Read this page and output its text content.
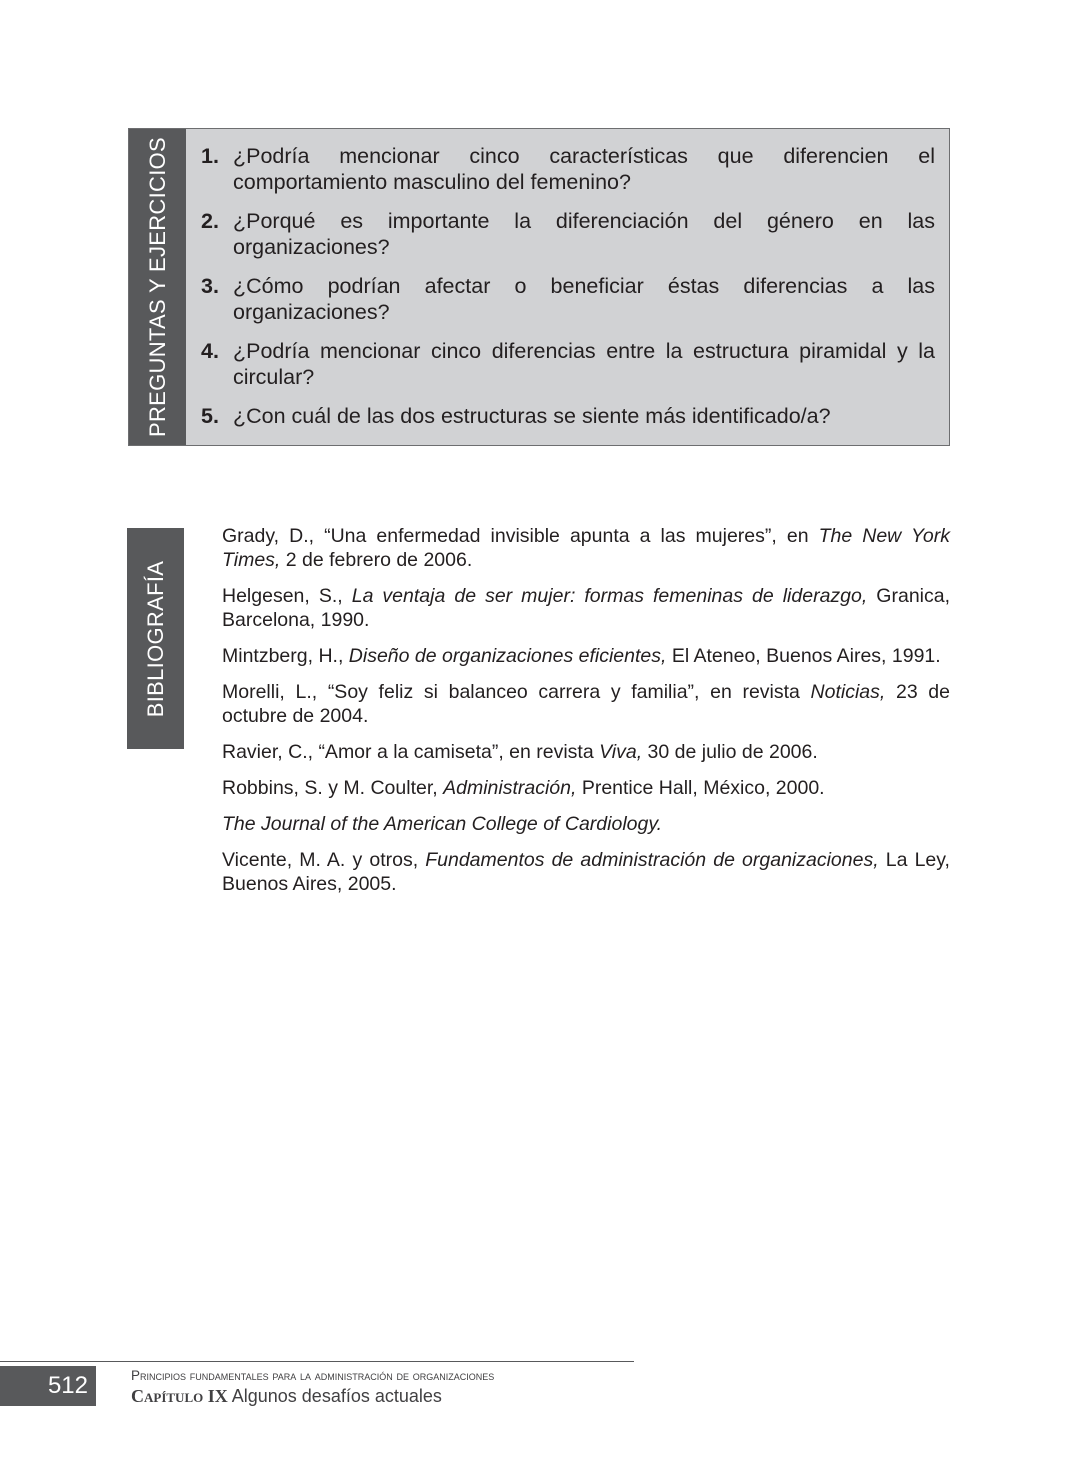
PREGUNTAS Y EJERCICIOS 1. ¿Podría mencionar cinco características que diferencien el comportamiento masculino del femenino?
2. ¿Porqué es importante la diferenciación del género en las organizaciones?
3. ¿Cómo podrían afectar o beneficiar éstas diferencias a las organizaciones?
4. ¿Podría mencionar cinco diferencias entre la estructura piramidal y la circular?
5. ¿Con cuál de las dos estructuras se siente más identificado/a?
BIBLIOGRAFÍA

Grady, D., “Una enfermedad invisible apunta a las mujeres”, en The New York Times, 2 de febrero de 2006.

Helgesen, S., La ventaja de ser mujer: formas femeninas de liderazgo, Granica, Barcelona, 1990.

Mintzberg, H., Diseño de organizaciones eficientes, El Ateneo, Buenos Aires, 1991.

Morelli, L., “Soy feliz si balanceo carrera y familia”, en revista Noticias, 23 de octubre de 2004.

Ravier, C., “Amor a la camiseta”, en revista Viva, 30 de julio de 2006.

Robbins, S. y M. Coulter, Administración, Prentice Hall, México, 2000.

The Journal of the American College of Cardiology.

Vicente, M. A. y otros, Fundamentos de administración de organizaciones, La Ley, Buenos Aires, 2005.

512	Principios fundamentales para la administración de organizaciones
Capítulo IX Algunos desafíos actuales
